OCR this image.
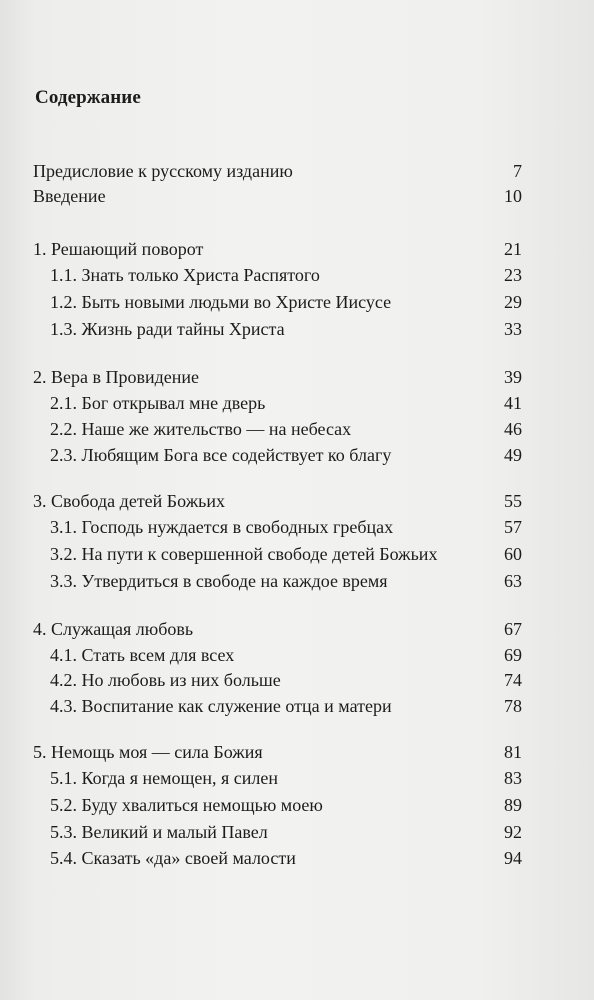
Содержание
Предисловие к русскому изданию	7
Введение	10
1. Решающий поворот	21
1.1. Знать только Христа Распятого	23
1.2. Быть новыми людьми во Христе Иисусе	29
1.3. Жизнь ради тайны Христа	33
2. Вера в Провидение	39
2.1. Бог открывал мне дверь	41
2.2. Наше же жительство — на небесах	46
2.3. Любящим Бога все содействует ко благу	49
3. Свобода детей Божьих	55
3.1. Господь нуждается в свободных гребцах	57
3.2. На пути к совершенной свободе детей Божьих	60
3.3. Утвердиться в свободе на каждое время	63
4. Служащая любовь	67
4.1. Стать всем для всех	69
4.2. Но любовь из них больше	74
4.3. Воспитание как служение отца и матери	78
5. Немощь моя — сила Божия	81
5.1. Когда я немощен, я силен	83
5.2. Буду хвалиться немощью моею	89
5.3. Великий и малый Павел	92
5.4. Сказать «да» своей малости	94
